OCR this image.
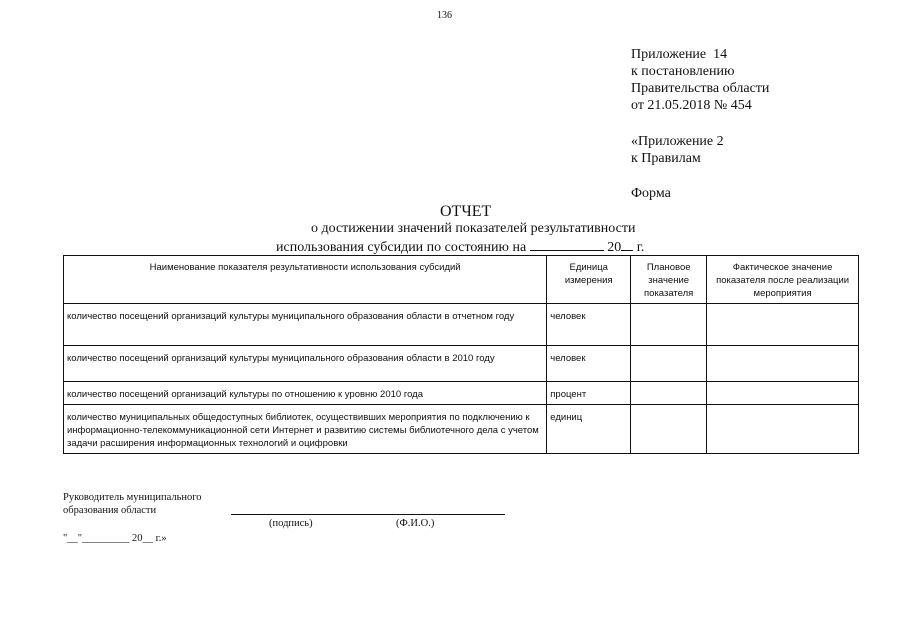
136
Приложение  14
к постановлению
Правительства области
от 21.05.2018 № 454
«Приложение 2
к Правилам
Форма
ОТЧЕТ
о достижении значений показателей результативности
использования субсидии по состоянию на	20 г.
Наименование показателя результативности использования субсидий	Единица измерения	Плановое значение показателя	Фактическое значение показателя после реализации мероприятия
количество посещений организаций культуры муниципального образования области в отчетном году	человек		
количество посещений организаций культуры муниципального образования области в 2010 году	человек		
количество посещений организаций культуры по отношению к уровню 2010 года	процент		
количество муниципальных общедоступных библиотек, осуществивших мероприятия по подключению к информационно-телекоммуникационной сети Интернет и развитию системы библиотечного дела с учетом задачи расширения информационных технологий и оцифровки	единиц		
Руководитель муниципального
образования области
(подпись)	(Ф.И.О.)
"__"_________ 20__ г.»
